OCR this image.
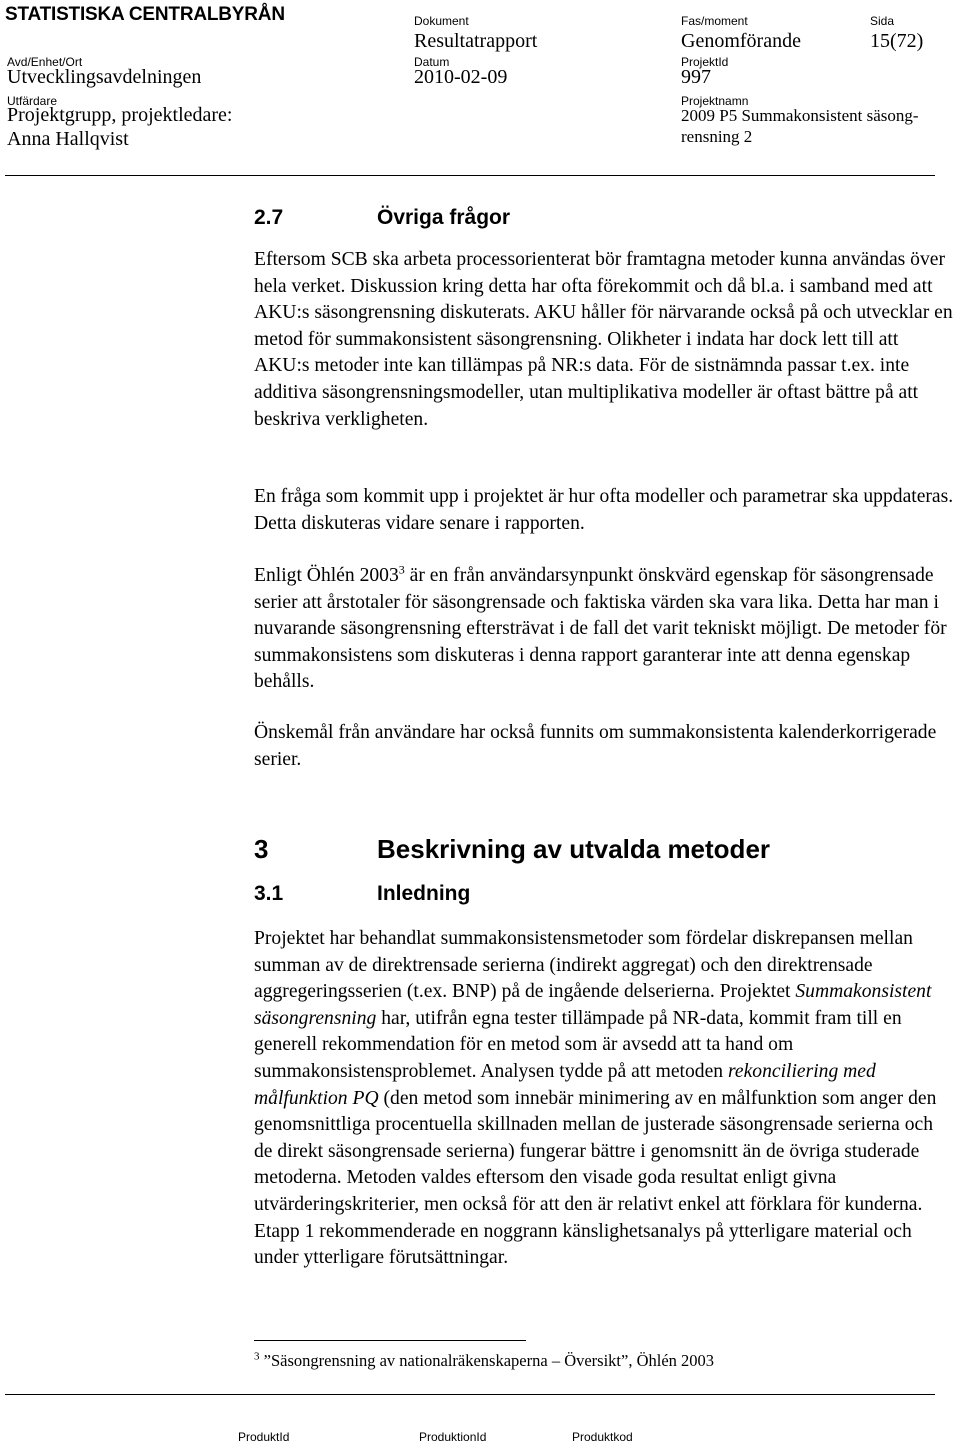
STATISTISKA CENTRALBYRÅN	Dokument
Resultatrapport
Fas/moment
Genomförande
Sida
15(72)
Avd/Enhet/Ort
Utvecklingsavdelningen
Datum
2010-02-09
ProjektId
997
Utfärdare
Projektgrupp, projektledare:
Anna Hallqvist
Projektnamn
2009 P5 Summakonsistent säsong-
rensning 2
2.7	Övriga frågor

Eftersom SCB ska arbeta processorienterat bör framtagna metoder kunna användas över hela verket. Diskussion kring detta har ofta förekommit och då bl.a. i samband med att AKU:s säsongrensning diskuterats. AKU håller för närvarande också på och utvecklar en metod för summakonsistent säsongrensning. Olikheter i indata har dock lett till att AKU:s metoder inte kan tillämpas på NR:s data. För de sistnämnda passar t.ex. inte additiva säsongrensningsmodeller, utan multiplikativa modeller är oftast bättre på att beskriva verkligheten.

En fråga som kommit upp i projektet är hur ofta modeller och parametrar ska uppdateras. Detta diskuteras vidare senare i rapporten.

Enligt Öhlén 2003$^3$ är en från användarsynpunkt önskvärd egenskap för säsongrensade serier att årstotaler för säsongrensade och faktiska värden ska vara lika. Detta har man i nuvarande säsongrensning eftersträvat i de fall det varit tekniskt möjligt. De metoder för summakonsistens som diskuteras i denna rapport garanterar inte att denna egenskap behålls.

Önskemål från användare har också funnits om summakonsistenta kalenderkorrigerade serier.

3	Beskrivning av utvalda metoder
3.1	Inledning

Projektet har behandlat summakonsistensmetoder som fördelar diskrepansen mellan summan av de direktrensade serierna (indirekt aggregat) och den direktrensade aggregeringsserien (t.ex. BNP) på de ingående delserierna. Projektet Summakonsistent säsongrensning har, utifrån egna tester tillämpade på NR-data, kommit fram till en generell rekommendation för en metod som är avsedd att ta hand om summakonsistensproblemet. Analysen tydde på att metoden rekonciliering med målfunktion PQ (den metod som innebär minimering av en målfunktion som anger den genomsnittliga procentuella skillnaden mellan de justerade säsongrensade serierna och de direkt säsongrensade serierna) fungerar bättre i genomsnitt än de övriga studerade metoderna. Metoden valdes eftersom den visade goda resultat enligt givna utvärderingskriterier, men också för att den är relativt enkel att förklara för kunderna. Etapp 1 rekommenderade en noggrann känslighetsanalys på ytterligare material och under ytterligare förutsättningar.

$^3$ ”Säsongrensning av nationalräkenskaperna – Översikt”, Öhlén 2003
ProduktId	ProduktionId	Produktkod
